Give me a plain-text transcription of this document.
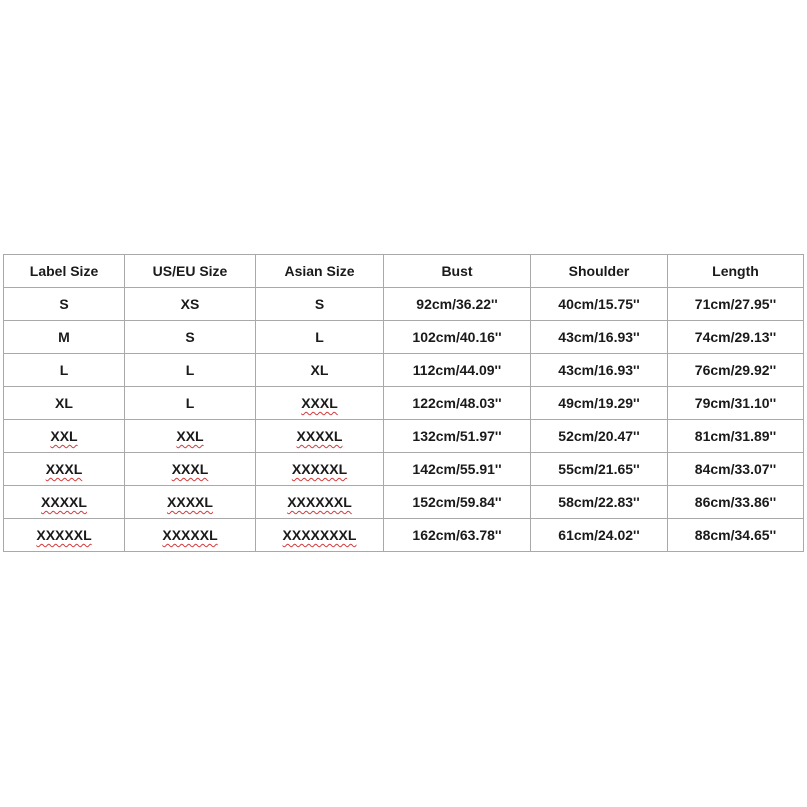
Label Size	US/EU Size	Asian Size	Bust	Shoulder	Length
S	XS	S	92cm/36.22''	40cm/15.75''	71cm/27.95''
M	S	L	102cm/40.16''	43cm/16.93''	74cm/29.13''
L	L	XL	112cm/44.09''	43cm/16.93''	76cm/29.92''
XL	L	XXXL	122cm/48.03''	49cm/19.29''	79cm/31.10''
XXL	XXL	XXXXL	132cm/51.97''	52cm/20.47''	81cm/31.89''
XXXL	XXXL	XXXXXL	142cm/55.91''	55cm/21.65''	84cm/33.07''
XXXXL	XXXXL	XXXXXXL	152cm/59.84''	58cm/22.83''	86cm/33.86''
XXXXXL	XXXXXL	XXXXXXXL	162cm/63.78''	61cm/24.02''	88cm/34.65''
